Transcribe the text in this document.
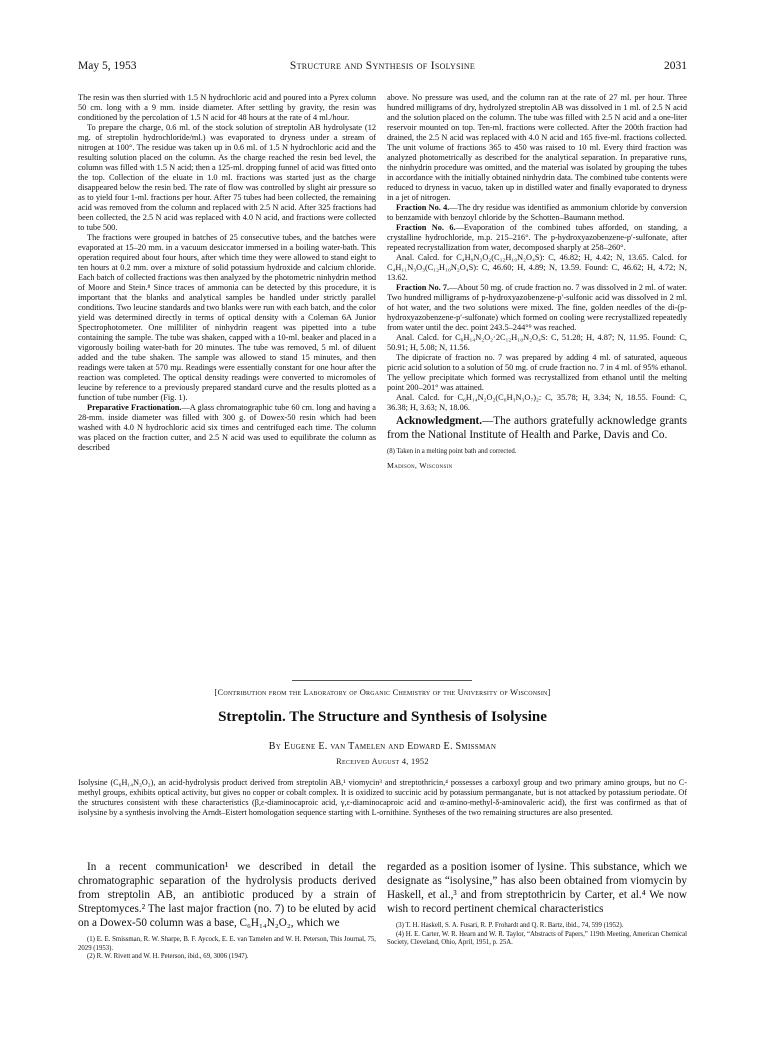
May 5, 1953	Structure and Synthesis of Isolysine	2031

The resin was then slurried with 1.5 N hydrochloric acid and poured into a Pyrex column 50 cm. long with a 9 mm. inside diameter. After settling by gravity, the resin was conditioned by the percolation of 1.5 N acid for 48 hours at the rate of 4 ml./hour.

To prepare the charge, 0.6 ml. of the stock solution of streptolin AB hydrolysate (12 mg. of streptolin hydrochloride/ml.) was evaporated to dryness under a stream of nitrogen at 100°. The residue was taken up in 0.6 ml. of 1.5 N hydrochloric acid and the resulting solution placed on the column. As the charge reached the resin bed level, the column was filled with 1.5 N acid; then a 125-ml. dropping funnel of acid was fitted onto the top. Collection of the eluate in 1.0 ml. fractions was started just as the charge disappeared below the resin bed. The rate of flow was controlled by slight air pressure so as to yield four 1-ml. fractions per hour. After 75 tubes had been collected, the remaining acid was removed from the column and replaced with 2.5 N acid. After 325 fractions had been collected, the 2.5 N acid was replaced with 4.0 N acid, and fractions were collected to tube 500.

The fractions were grouped in batches of 25 consecutive tubes, and the batches were evaporated at 15–20 mm. in a vacuum desiccator immersed in a boiling water-bath. This operation required about four hours, after which time they were allowed to stand eight to ten hours at 0.2 mm. over a mixture of solid potassium hydroxide and calcium chloride. Each batch of collected fractions was then analyzed by the photometric ninhydrin method of Moore and Stein.⁸ Since traces of ammonia can be detected by this procedure, it is important that the blanks and analytical samples be handled under strictly parallel conditions. Two leucine standards and two blanks were run with each batch, and the color yield was determined directly in terms of optical density with a Coleman 6A Junior Spectrophotometer. One milliliter of ninhydrin reagent was pipetted into a tube containing the sample. The tube was shaken, capped with a 10-ml. beaker and placed in a vigorously boiling water-bath for 20 minutes. The tube was removed, 5 ml. of diluent added and the tube shaken. The sample was allowed to stand 15 minutes, and then readings were taken at 570 mμ. Readings were essentially constant for one hour after the reaction was completed. The optical density readings were converted to micromoles of leucine by reference to a previously prepared standard curve and the results plotted as a function of tube number (Fig. 1).

Preparative Fractionation.—A glass chromatographic tube 60 cm. long and having a 28-mm. inside diameter was filled with 300 g. of Dowex-50 resin which had been washed with 4.0 N hydrochloric acid six times and centrifuged each time. The column was placed on the fraction cutter, and 2.5 N acid was used to equilibrate the column as described

above. No pressure was used, and the column ran at the rate of 27 ml. per hour. Three hundred milligrams of dry, hydrolyzed streptolin AB was dissolved in 1 ml. of 2.5 N acid and the solution placed on the column. The tube was filled with 2.5 N acid and a one-liter reservoir mounted on top. Ten-ml. fractions were collected. After the 200th fraction had drained, the 2.5 N acid was replaced with 4.0 N acid and 165 five-ml. fractions collected. The unit volume of fractions 365 to 450 was raised to 10 ml. Every third fraction was analyzed photometrically as described for the analytical separation. In preparative runs, the ninhydrin procedure was omitted, and the material was isolated by grouping the tubes in accordance with the initially obtained ninhydrin data. The combined tube contents were reduced to dryness in vacuo, taken up in distilled water and finally evaporated to dryness in a jet of nitrogen.

Fraction No. 4.—The dry residue was identified as ammonium chloride by conversion to benzamide with benzoyl chloride by the Schotten–Baumann method.

Fraction No. 6.—Evaporation of the combined tubes afforded, on standing, a crystalline hydrochloride, m.p. 215–216°. The p-hydroxyazobenzene-p′-sulfonate, after repeated recrystallization from water, decomposed sharply at 258–260°.

Anal. Calcd. for C₄H₉N₃O₂(C₁₂H₁₀N₂O₄S): C, 46.82; H, 4.42; N, 13.65. Calcd. for C₄H₁₁N₃O₃(C₁₂H₁₀N₂O₄S): C, 46.60; H, 4.89; N, 13.59. Found: C, 46.62; H, 4.72; N, 13.62.

Fraction No. 7.—About 50 mg. of crude fraction no. 7 was dissolved in 2 ml. of water. Two hundred milligrams of p-hydroxyazobenzene-p′-sulfonic acid was dissolved in 2 ml. of hot water, and the two solutions were mixed. The fine, golden needles of the di-(p-hydroxyazobenzene-p′-sulfonate) which formed on cooling were recrystallized repeatedly from water until the dec. point 243.5–244°⁹ was reached.

Anal. Calcd. for C₆H₁₄N₂O₂·2C₁₂H₁₀N₂O₄S: C, 51.28; H, 4.87; N, 11.95. Found: C, 50.91; H, 5.08; N, 11.56.

The dipicrate of fraction no. 7 was prepared by adding 4 ml. of saturated, aqueous picric acid solution to a solution of 50 mg. of crude fraction no. 7 in 4 ml. of 95% ethanol. The yellow precipitate which formed was recrystallized from ethanol until the melting point 200–201° was attained.

Anal. Calcd. for C₆H₁₄N₂O₂(C₆H₃N₃O₇)₂: C, 35.78; H, 3.34; N, 18.55. Found: C, 36.38; H, 3.63; N, 18.06.

Acknowledgment.—The authors gratefully acknowledge grants from the National Institute of Health and Parke, Davis and Co.
(8) Taken in a melting point bath and corrected.
Madison, Wisconsin
[Contribution from the Laboratory of Organic Chemistry of the University of Wisconsin]
Streptolin. The Structure and Synthesis of Isolysine
By Eugene E. van Tamelen and Edward E. Smissman
Received August 4, 1952
Isolysine (C₆H₁₄N₂O₂), an acid-hydrolysis product derived from streptolin AB,¹ viomycin³ and streptothricin,⁴ possesses a carboxyl group and two primary amino groups, but no C-methyl groups, exhibits optical activity, but gives no copper or cobalt complex. It is oxidized to succinic acid by potassium permanganate, but is not attacked by potassium periodate. Of the structures consistent with these characteristics (β,ε-diaminocaproic acid, γ,ε-diaminocaproic acid and α-amino-methyl-δ-aminovaleric acid), the first was confirmed as that of isolysine by a synthesis involving the Arndt–Eistert homologation sequence starting with L-ornithine. Syntheses of the two remaining structures are also presented.

In a recent communication¹ we described in detail the chromatographic separation of the hydrolysis products derived from streptolin AB, an antibiotic produced by a strain of Streptomyces.² The last major fraction (no. 7) to be eluted by acid on a Dowex-50 column was a base, C₆H₁₄N₂O₂, which we

(1) E. E. Smissman, R. W. Sharpe, B. F. Aycock, E. E. van Tamelen and W. H. Peterson, This Journal, 75, 2029 (1953).
(2) R. W. Rivett and W. H. Peterson, ibid., 69, 3006 (1947).

regarded as a position isomer of lysine. This substance, which we designate as “isolysine,” has also been obtained from viomycin by Haskell, et al.,³ and from streptothricin by Carter, et al.⁴ We now wish to record pertinent chemical characteristics

(3) T. H. Haskell, S. A. Fusari, R. P. Frohardt and Q. R. Bartz, ibid., 74, 599 (1952).
(4) H. E. Carter, W. R. Hearn and W. R. Taylor, “Abstracts of Papers,” 119th Meeting, American Chemical Society, Cleveland, Ohio, April, 1951, p. 25A.
